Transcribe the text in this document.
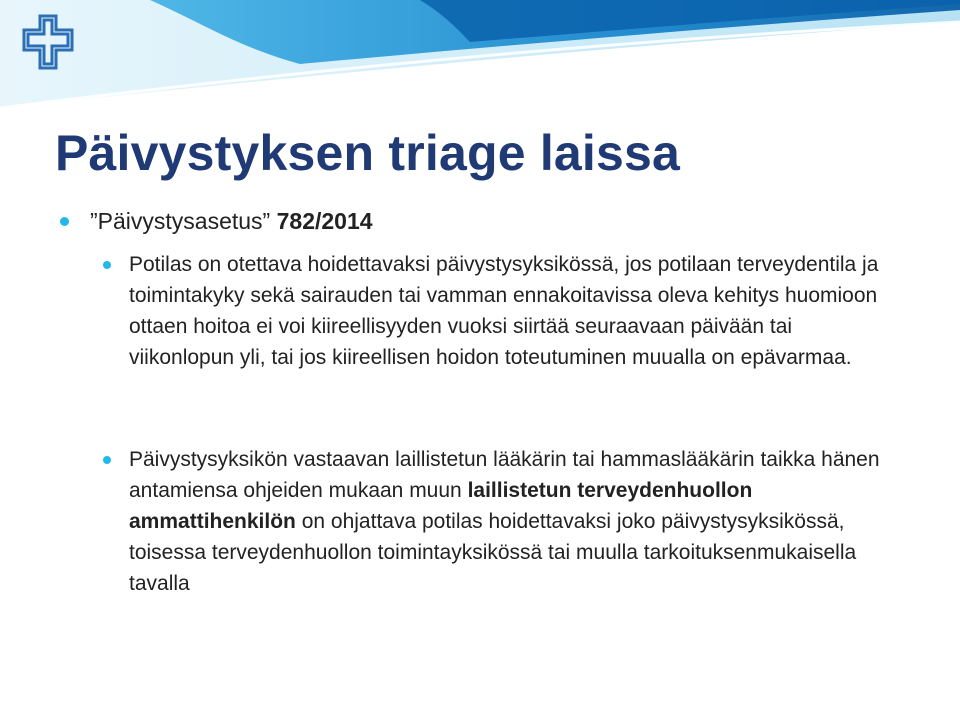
Päivystyksen triage laissa
”Päivystysasetus” 782/2014

Potilas on otettava hoidettavaksi päivystysyksikössä, jos potilaan terveydentila ja toimintakyky sekä sairauden tai vamman ennakoitavissa oleva kehitys huomioon ottaen hoitoa ei voi kiireellisyyden vuoksi siirtää seuraavaan päivään tai viikonlopun yli, tai jos kiireellisen hoidon toteutuminen muualla on epävarmaa.

Päivystysyksikön vastaavan laillistetun lääkärin tai hammaslääkärin taikka hänen antamiensa ohjeiden mukaan muun laillistetun terveydenhuollon ammattihenkilön on ohjattava potilas hoidettavaksi joko päivystysyksikössä, toisessa terveydenhuollon toimintayksikössä tai muulla tarkoituksenmukaisella tavalla
